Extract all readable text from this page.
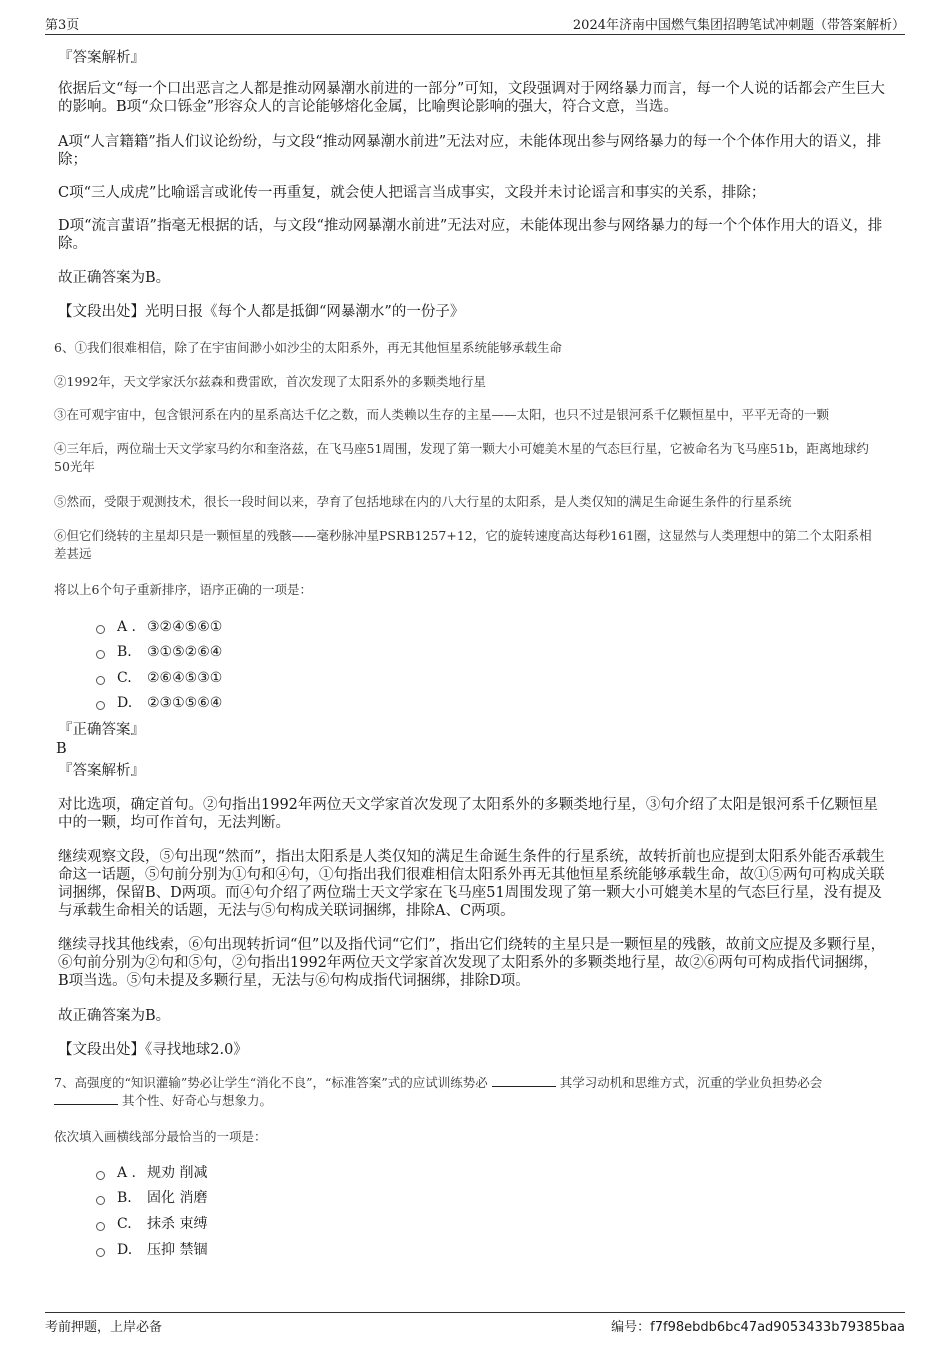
第3页	2024年济南中国燃气集团招聘笔试冲刺题（带答案解析）
『答案解析』
依据后文“每一个口出恶言之人都是推动网暴潮水前进的一部分”可知，文段强调对于网络暴力而言，每一个人说的话都会产生巨大的影响。B项“众口铄金”形容众人的言论能够熔化金属，比喻舆论影响的强大，符合文意，当选。
A项“人言籍籍”指人们议论纷纷，与文段“推动网暴潮水前进”无法对应，未能体现出参与网络暴力的每一个个体作用大的语义，排除；
C项“三人成虎”比喻谣言或讹传一再重复，就会使人把谣言当成事实，文段并未讨论谣言和事实的关系，排除；
D项“流言蜚语”指毫无根据的话，与文段“推动网暴潮水前进”无法对应，未能体现出参与网络暴力的每一个个体作用大的语义，排除。
故正确答案为B。
【文段出处】光明日报《每个人都是抵御“网暴潮水”的一份子》
6、①我们很难相信，除了在宇宙间渺小如沙尘的太阳系外，再无其他恒星系统能够承载生命
②1992年，天文学家沃尔兹森和费雷欧，首次发现了太阳系外的多颗类地行星
③在可观宇宙中，包含银河系在内的星系高达千亿之数，而人类赖以生存的主星——太阳，也只不过是银河系千亿颗恒星中，平平无奇的一颗
④三年后，两位瑞士天文学家马约尔和奎洛兹，在飞马座51周围，发现了第一颗大小可媲美木星的气态巨行星，它被命名为飞马座51b，距离地球约50光年
⑤然而，受限于观测技术，很长一段时间以来，孕育了包括地球在内的八大行星的太阳系，是人类仅知的满足生命诞生条件的行星系统
⑥但它们绕转的主星却只是一颗恒星的残骸——毫秒脉冲星PSRB1257+12，它的旋转速度高达每秒161圈，这显然与人类理想中的第二个太阳系相差甚远
将以上6个句子重新排序，语序正确的一项是：
A . ③②④⑤⑥①
B.	③①⑤②⑥④
C.	②⑥④⑤③①
D.	②③①⑤⑥④
『正确答案』
B
『答案解析』
对比选项，确定首句。②句指出1992年两位天文学家首次发现了太阳系外的多颗类地行星，③句介绍了太阳是银河系千亿颗恒星中的一颗，均可作首句，无法判断。
继续观察文段，⑤句出现“然而”，指出太阳系是人类仅知的满足生命诞生条件的行星系统，故转折前也应提到太阳系外能否承载生命这一话题，⑤句前分别为①句和④句，①句指出我们很难相信太阳系外再无其他恒星系统能够承载生命，故①⑤两句可构成关联词捆绑，保留B、D两项。而④句介绍了两位瑞士天文学家在飞马座51周围发现了第一颗大小可媲美木星的气态巨行星，没有提及与承载生命相关的话题，无法与⑤句构成关联词捆绑，排除A、C两项。
继续寻找其他线索，⑥句出现转折词“但”以及指代词“它们”，指出它们绕转的主星只是一颗恒星的残骸，故前文应提及多颗行星，⑥句前分别为②句和⑤句，②句指出1992年两位天文学家首次发现了太阳系外的多颗类地行星，故②⑥两句可构成指代词捆绑，B项当选。⑤句未提及多颗行星，无法与⑥句构成指代词捆绑，排除D项。
故正确答案为B。
【文段出处】《寻找地球2.0》
7、高强度的“知识灌输”势必让学生“消化不良”，“标准答案”式的应试训练势必	其学习动机和思维方式，沉重的学业负担势必会  其个性、好奇心与想象力。
依次填入画横线部分最恰当的一项是：
A . 规劝 削减
B.	固化 消磨
C.	抹杀 束缚
D.	压抑 禁锢
考前押题，上岸必备	编号：f7f98ebdb6bc47ad9053433b79385baa
